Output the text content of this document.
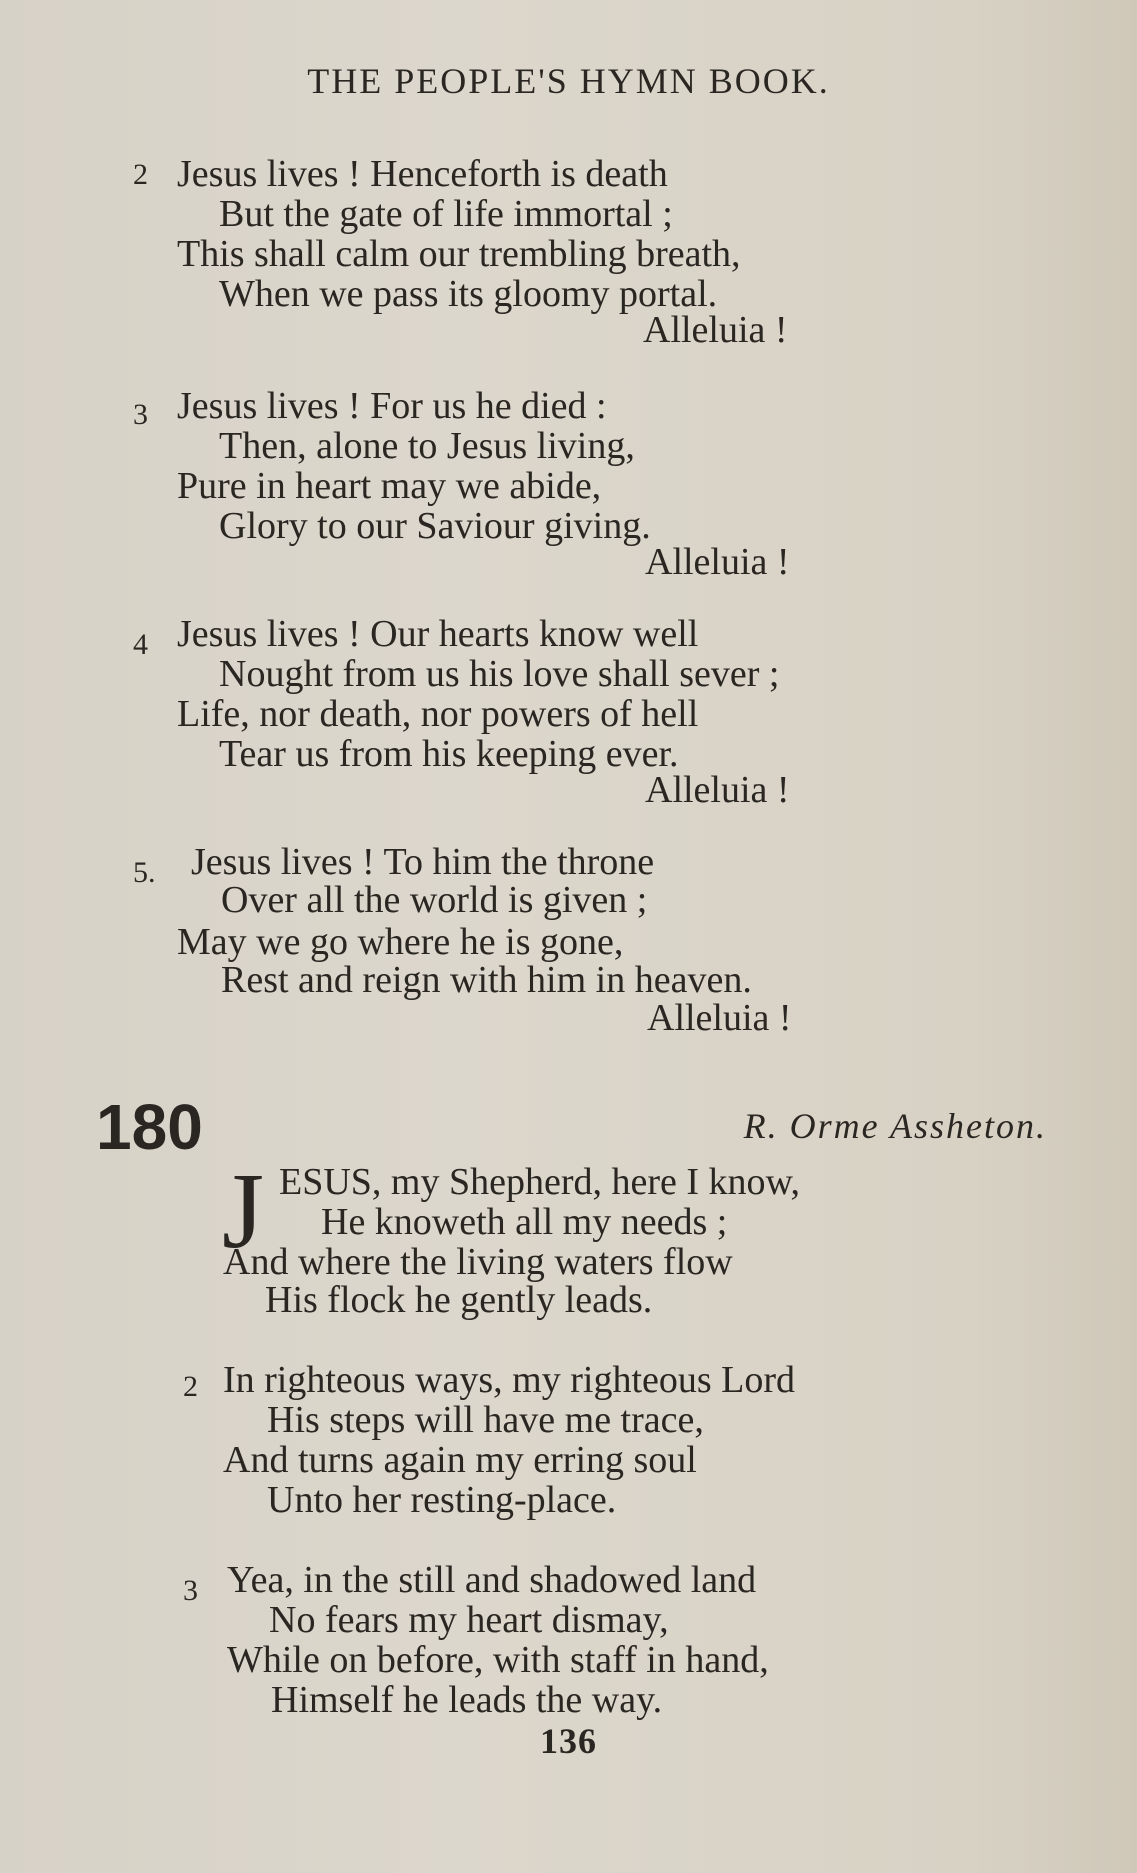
THE PEOPLE'S HYMN BOOK.
2 Jesus lives ! Henceforth is death
But the gate of life immortal ;
This shall calm our trembling breath,
When we pass its gloomy portal.
Alleluia !
3 Jesus lives ! For us he died :
Then, alone to Jesus living,
Pure in heart may we abide,
Glory to our Saviour giving.
Alleluia !
4 Jesus lives ! Our hearts know well
Nought from us his love shall sever ;
Life, nor death, nor powers of hell
Tear us from his keeping ever.
Alleluia !
5. Jesus lives ! To him the throne
Over all the world is given ;
May we go where he is gone,
Rest and reign with him in heaven.
Alleluia !
180	R. Orme Assheton.
J ESUS, my Shepherd, here I know,
He knoweth all my needs ;
And where the living waters flow
His flock he gently leads.
2 In righteous ways, my righteous Lord
His steps will have me trace,
And turns again my erring soul
Unto her resting-place.
3 Yea, in the still and shadowed land
No fears my heart dismay,
While on before, with staff in hand,
Himself he leads the way.
136
